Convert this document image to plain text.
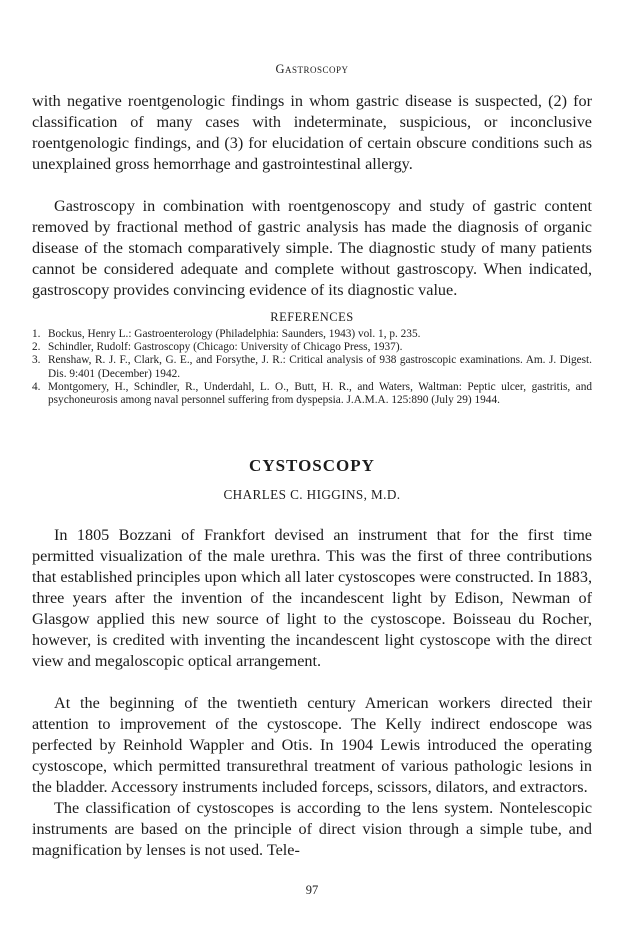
Gastroscopy

with negative roentgenologic findings in whom gastric disease is suspected, (2) for classification of many cases with indeterminate, suspicious, or inconclusive roentgenologic findings, and (3) for elucidation of certain obscure conditions such as unexplained gross hemorrhage and gastrointestinal allergy.

Gastroscopy in combination with roentgenoscopy and study of gastric content removed by fractional method of gastric analysis has made the diagnosis of organic disease of the stomach comparatively simple. The diagnostic study of many patients cannot be considered adequate and complete without gastroscopy. When indicated, gastroscopy provides convincing evidence of its diagnostic value.

REFERENCES
1. Bockus, Henry L.: Gastroenterology (Philadelphia: Saunders, 1943) vol. 1, p. 235.
2. Schindler, Rudolf: Gastroscopy (Chicago: University of Chicago Press, 1937).
3. Renshaw, R. J. F., Clark, G. E., and Forsythe, J. R.: Critical analysis of 938 gastroscopic examinations. Am. J. Digest. Dis. 9:401 (December) 1942.
4. Montgomery, H., Schindler, R., Underdahl, L. O., Butt, H. R., and Waters, Waltman: Peptic ulcer, gastritis, and psychoneurosis among naval personnel suffering from dyspepsia. J.A.M.A. 125:890 (July 29) 1944.
CYSTOSCOPY
CHARLES C. HIGGINS, M.D.

In 1805 Bozzani of Frankfort devised an instrument that for the first time permitted visualization of the male urethra. This was the first of three contributions that established principles upon which all later cystoscopes were constructed. In 1883, three years after the invention of the incandescent light by Edison, Newman of Glasgow applied this new source of light to the cystoscope. Boisseau du Rocher, however, is credited with inventing the incandescent light cystoscope with the direct view and megaloscopic optical arrangement.

At the beginning of the twentieth century American workers directed their attention to improvement of the cystoscope. The Kelly indirect endoscope was perfected by Reinhold Wappler and Otis. In 1904 Lewis introduced the operating cystoscope, which permitted transurethral treatment of various pathologic lesions in the bladder. Accessory instruments included forceps, scissors, dilators, and extractors.

The classification of cystoscopes is according to the lens system. Nontelescopic instruments are based on the principle of direct vision through a simple tube, and magnification by lenses is not used. Tele-

97
